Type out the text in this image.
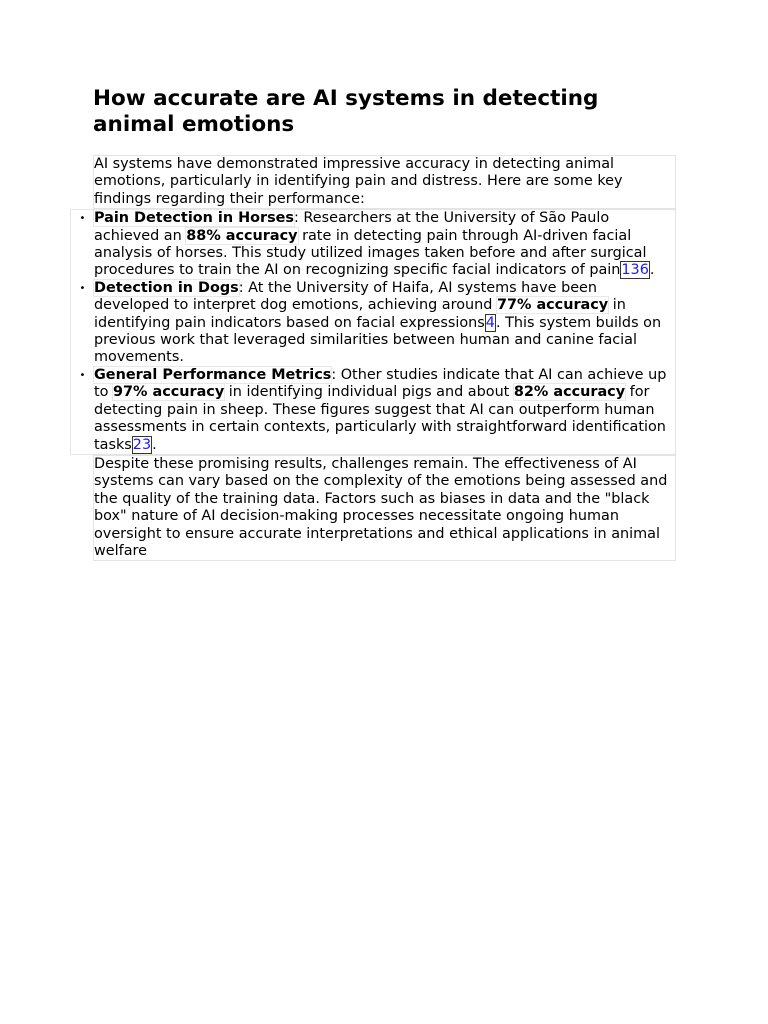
How accurate are AI systems in detecting animal emotions

AI systems have demonstrated impressive accuracy in detecting animal emotions, particularly in identifying pain and distress. Here are some key findings regarding their performance:

• Pain Detection in Horses: Researchers at the University of São Paulo achieved an 88% accuracy rate in detecting pain through AI-driven facial analysis of horses. This study utilized images taken before and after surgical procedures to train the AI on recognizing specific facial indicators of pain136.
• Detection in Dogs: At the University of Haifa, AI systems have been developed to interpret dog emotions, achieving around 77% accuracy in identifying pain indicators based on facial expressions4. This system builds on previous work that leveraged similarities between human and canine facial movements.
• General Performance Metrics: Other studies indicate that AI can achieve up to 97% accuracy in identifying individual pigs and about 82% accuracy for detecting pain in sheep. These figures suggest that AI can outperform human assessments in certain contexts, particularly with straightforward identification tasks23.

Despite these promising results, challenges remain. The effectiveness of AI systems can vary based on the complexity of the emotions being assessed and the quality of the training data. Factors such as biases in data and the "black box" nature of AI decision-making processes necessitate ongoing human oversight to ensure accurate interpretations and ethical applications in animal welfare
